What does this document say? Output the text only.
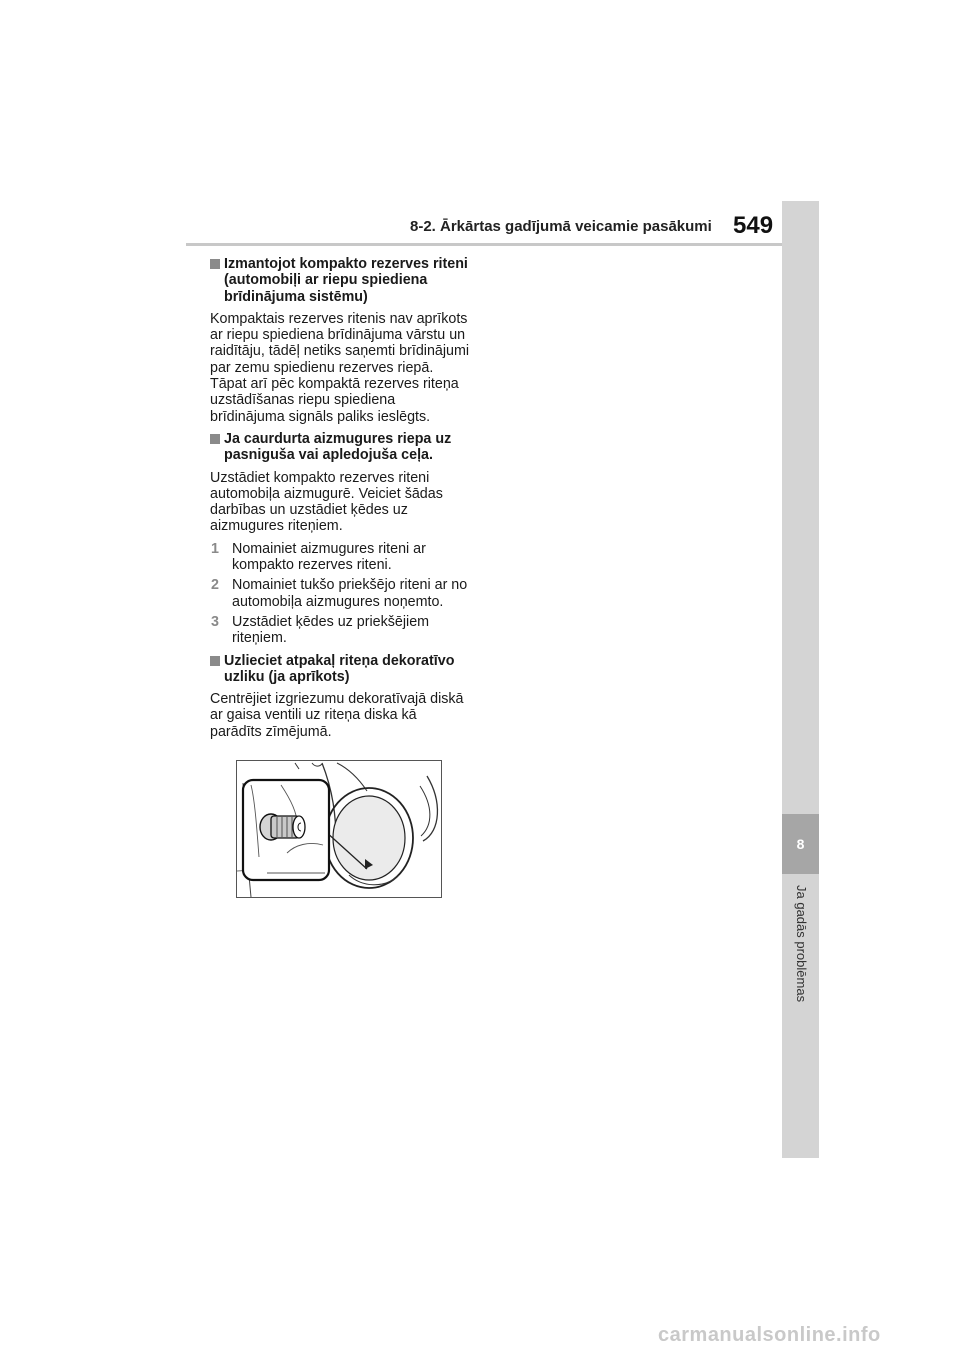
8-2. Ārkārtas gadījumā veicamie pasākumi 549
8
Ja gadās problēmas
Izmantojot kompakto rezerves riteni (automobiļi ar riepu spiediena brīdinājuma sistēmu)

Kompaktais rezerves ritenis nav aprīkots ar riepu spiediena brīdinājuma vārstu un raidītāju, tādēļ netiks saņemti brīdinājumi par zemu spiedienu rezerves riepā. Tāpat arī pēc kompaktā rezerves riteņa uzstādīšanas riepu spiediena brīdinājuma signāls paliks ieslēgts.

Ja caurdurta aizmugures riepa uz pasniguša vai apledojuša ceļa.

Uzstādiet kompakto rezerves riteni automobiļa aizmugurē. Veiciet šādas darbības un uzstādiet ķēdes uz aizmugures riteņiem.

1 Nomainiet aizmugures riteni ar kompakto rezerves riteni.
2 Nomainiet tukšo priekšējo riteni ar no automobiļa aizmugures noņemto.
3 Uzstādiet ķēdes uz priekšējiem riteņiem.
Uzlieciet atpakaļ riteņa dekoratīvo uzliku (ja aprīkots)

Centrējiet izgriezumu dekoratīvajā diskā ar gaisa ventili uz riteņa diska kā parādīts zīmējumā.

carmanualsonline.info
